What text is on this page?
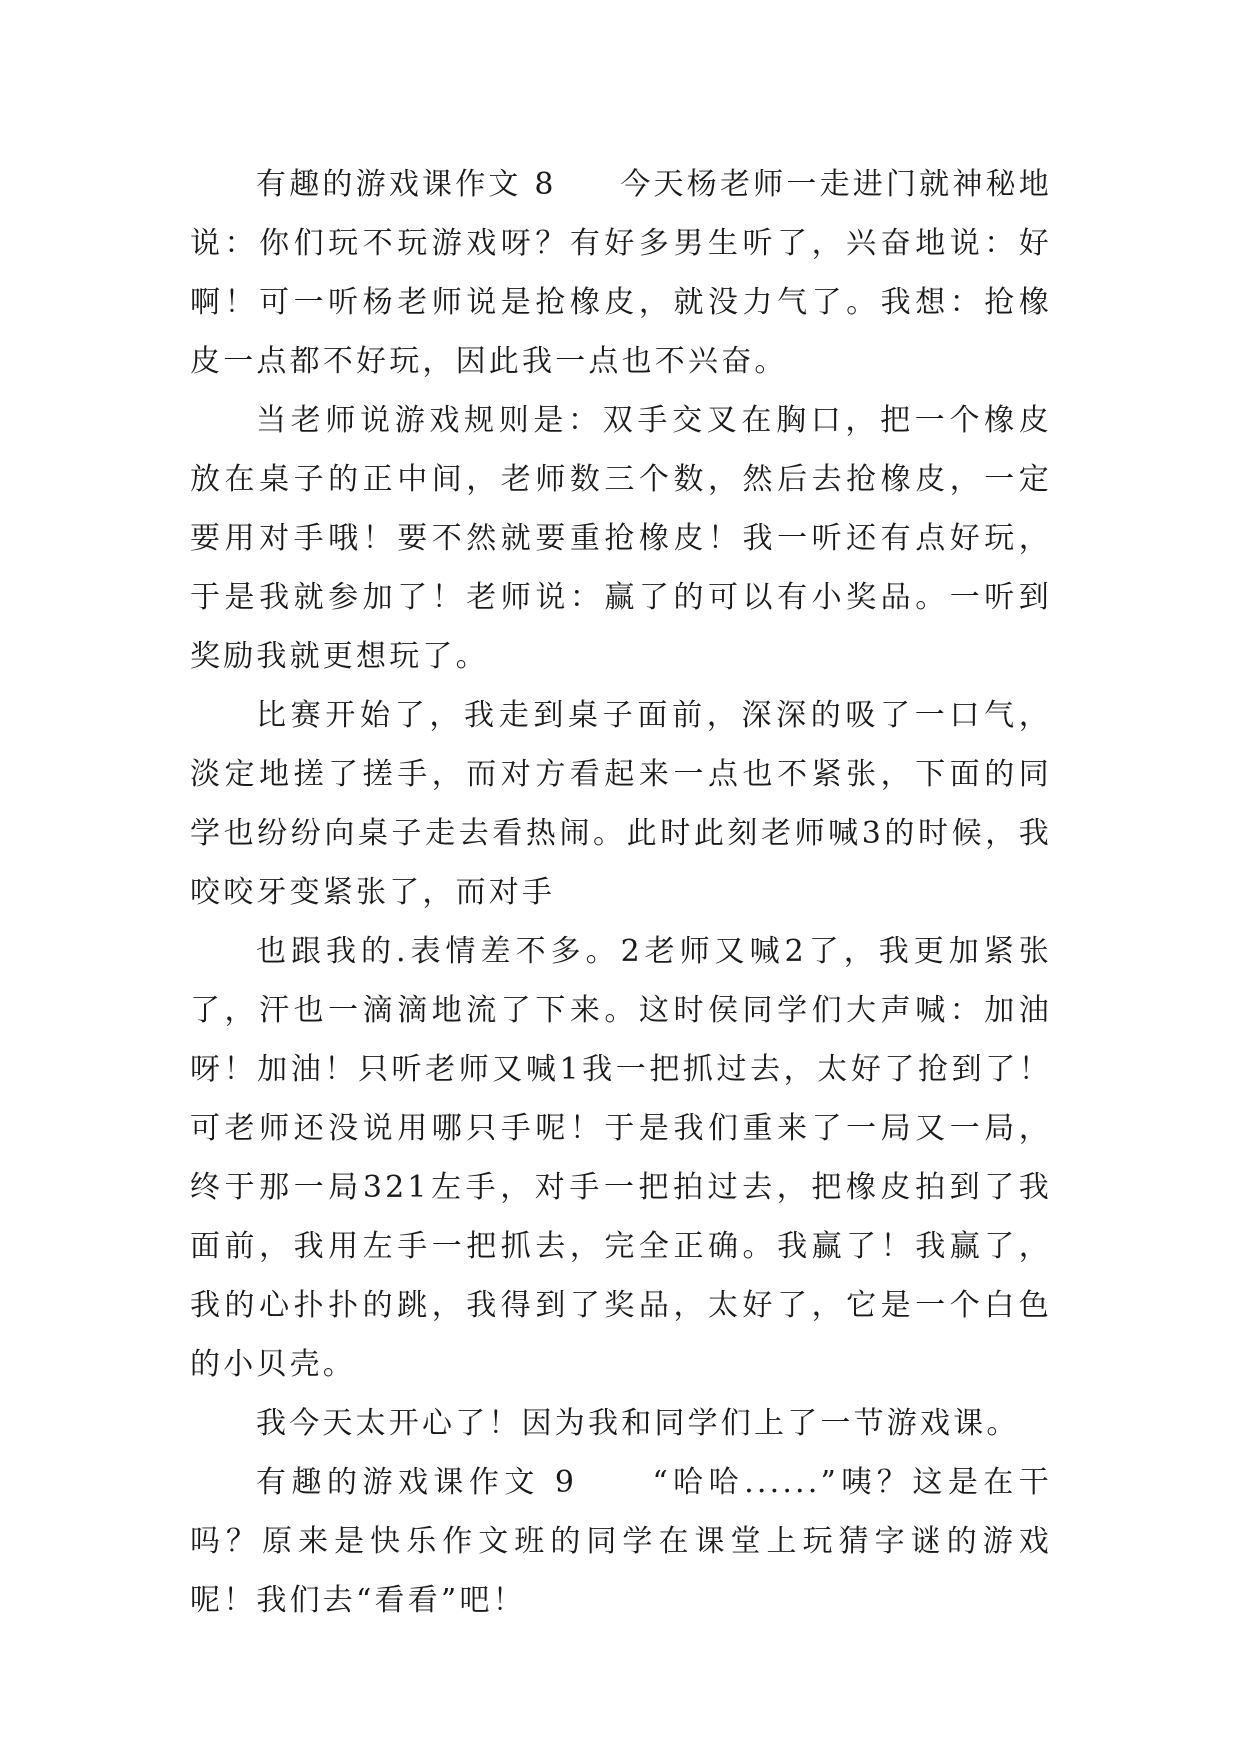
有趣的游戏课作文 8     今天杨老师一走进门就神秘地说：你们玩不玩游戏呀？有好多男生听了，兴奋地说：好啊！可一听杨老师说是抢橡皮，就没力气了。我想：抢橡皮一点都不好玩，因此我一点也不兴奋。

当老师说游戏规则是：双手交叉在胸口，把一个橡皮放在桌子的正中间，老师数三个数，然后去抢橡皮，一定要用对手哦！要不然就要重抢橡皮！我一听还有点好玩，于是我就参加了！老师说：赢了的可以有小奖品。一听到奖励我就更想玩了。

比赛开始了，我走到桌子面前，深深的吸了一口气，淡定地搓了搓手，而对方看起来一点也不紧张，下面的同学也纷纷向桌子走去看热闹。此时此刻老师喊3的时候，我咬咬牙变紧张了，而对手

也跟我的.表情差不多。2老师又喊2了，我更加紧张了，汗也一滴滴地流了下来。这时侯同学们大声喊：加油呀！加油！只听老师又喊1我一把抓过去，太好了抢到了！可老师还没说用哪只手呢！于是我们重来了一局又一局，终于那一局321左手，对手一把拍过去，把橡皮拍到了我面前，我用左手一把抓去，完全正确。我赢了！我赢了，我的心扑扑的跳，我得到了奖品，太好了，它是一个白色的小贝壳。

我今天太开心了！因为我和同学们上了一节游戏课。

有趣的游戏课作文 9     “哈哈......”咦？这是在干吗？原来是快乐作文班的同学在课堂上玩猜字谜的游戏呢！我们去“看看”吧！
